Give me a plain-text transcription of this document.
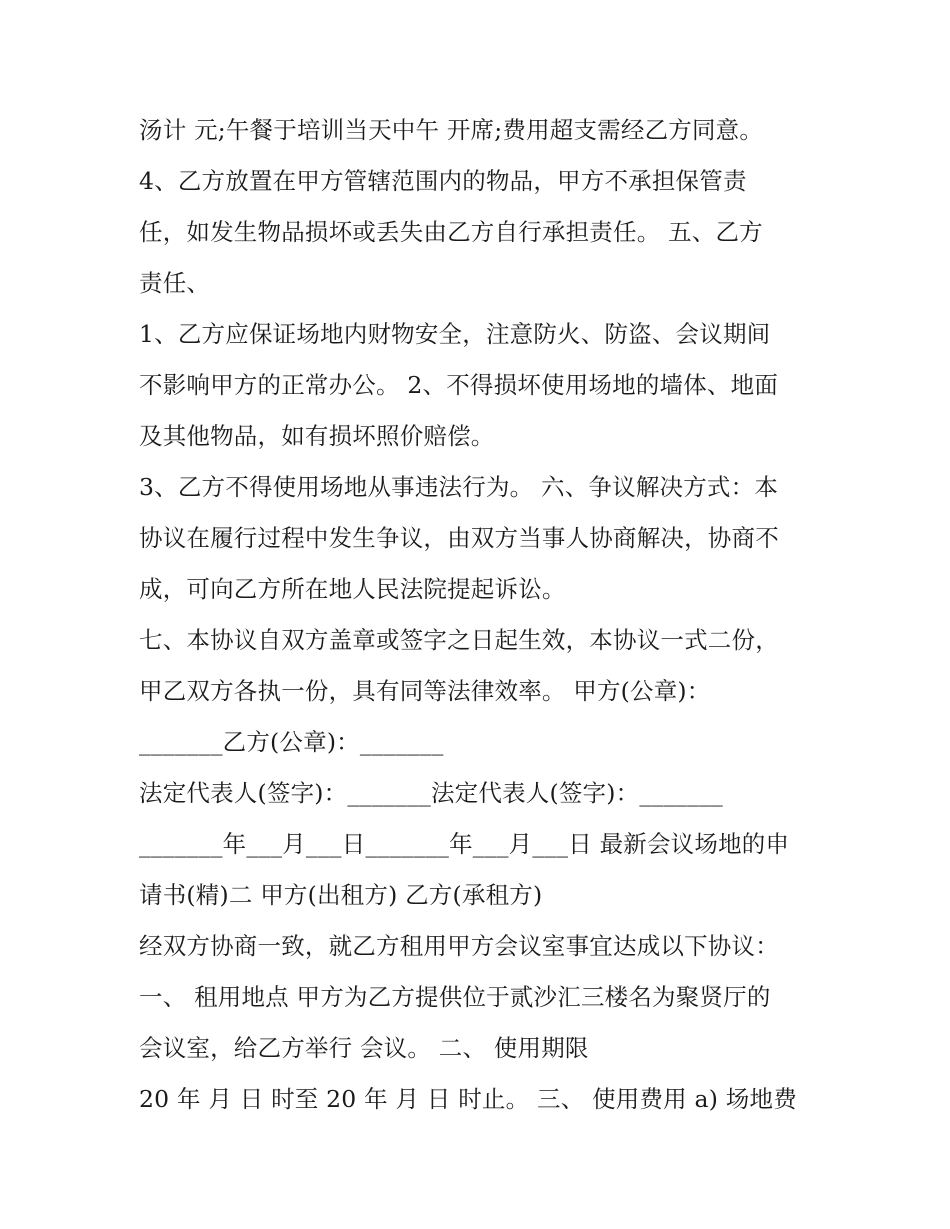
汤计 元;午餐于培训当天中午 开席;费用超支需经乙方同意。
4、乙方放置在甲方管辖范围内的物品，甲方不承担保管责
任，如发生物品损坏或丢失由乙方自行承担责任。 五、乙方
责任、
1、乙方应保证场地内财物安全，注意防火、防盗、会议期间
不影响甲方的正常办公。 2、不得损坏使用场地的墙体、地面
及其他物品，如有损坏照价赔偿。
3、乙方不得使用场地从事违法行为。 六、争议解决方式：本
协议在履行过程中发生争议，由双方当事人协商解决，协商不
成，可向乙方所在地人民法院提起诉讼。
七、本协议自双方盖章或签字之日起生效，本协议一式二份，
甲乙双方各执一份，具有同等法律效率。 甲方(公章)：
_______乙方(公章)：_______
法定代表人(签字)：_______法定代表人(签字)：_______
_______年___月___日_______年___月___日 最新会议场地的申
请书(精)二 甲方(出租方) 乙方(承租方)
经双方协商一致，就乙方租用甲方会议室事宜达成以下协议：
一、 租用地点 甲方为乙方提供位于贰沙汇三楼名为聚贤厅的
会议室，给乙方举行 会议。 二、 使用期限
20 年 月 日 时至 20 年 月 日 时止。 三、 使用费用 a) 场地费
